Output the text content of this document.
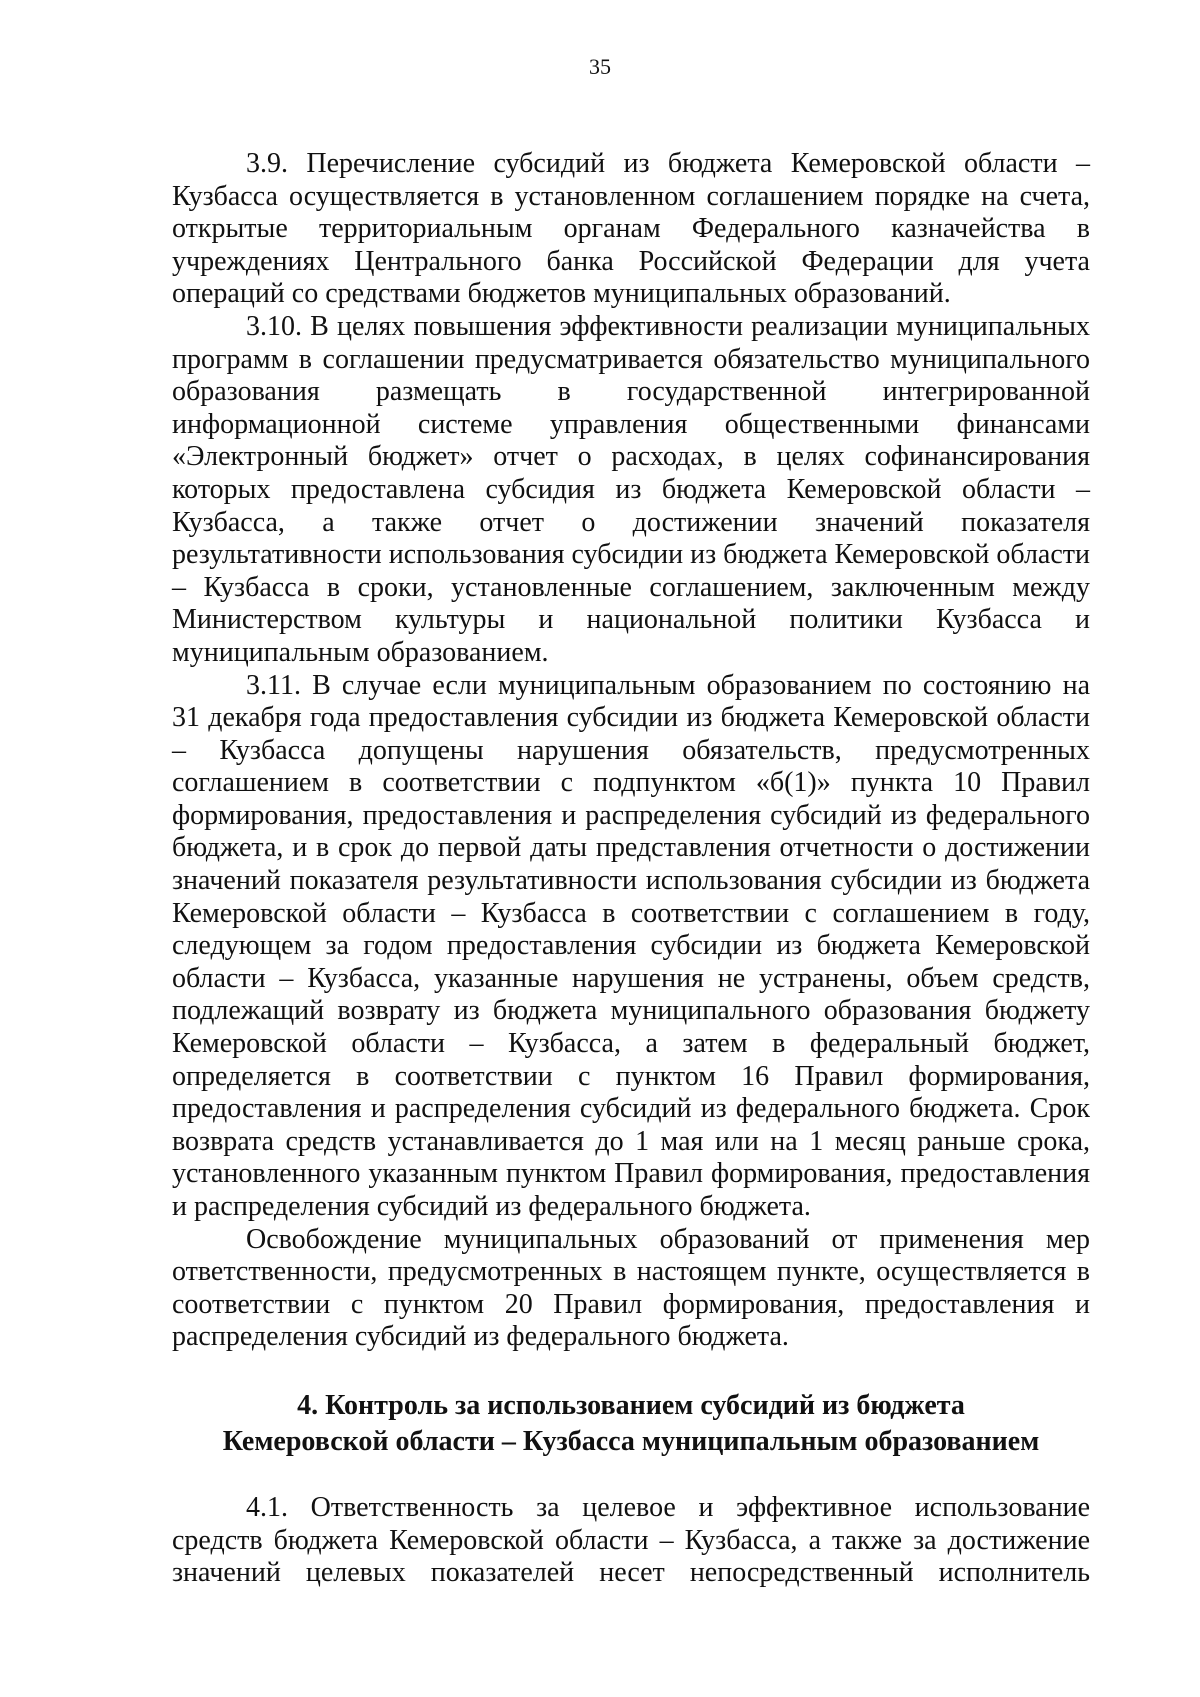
35

3.9. Перечисление субсидий из бюджета Кемеровской области – Кузбасса осуществляется в установленном соглашением порядке на счета, открытые территориальным органам Федерального казначейства в учреждениях Центрального банка Российской Федерации для учета операций со средствами бюджетов муниципальных образований.

3.10. В целях повышения эффективности реализации муниципальных программ в соглашении предусматривается обязательство муниципального образования размещать в государственной интегрированной информационной системе управления общественными финансами «Электронный бюджет» отчет о расходах, в целях софинансирования которых предоставлена субсидия из бюджета Кемеровской области – Кузбасса, а также отчет о достижении значений показателя результативности использования субсидии из бюджета Кемеровской области – Кузбасса в сроки, установленные соглашением, заключенным между Министерством культуры и национальной политики Кузбасса и муниципальным образованием.

3.11. В случае если муниципальным образованием по состоянию на 31 декабря года предоставления субсидии из бюджета Кемеровской области – Кузбасса допущены нарушения обязательств, предусмотренных соглашением в соответствии с подпунктом «б(1)» пункта 10 Правил формирования, предоставления и распределения субсидий из федерального бюджета, и в срок до первой даты представления отчетности о достижении значений показателя результативности использования субсидии из бюджета Кемеровской области – Кузбасса в соответствии с соглашением в году, следующем за годом предоставления субсидии из бюджета Кемеровской области – Кузбасса, указанные нарушения не устранены, объем средств, подлежащий возврату из бюджета муниципального образования бюджету Кемеровской области – Кузбасса, а затем в федеральный бюджет, определяется в соответствии с пунктом 16 Правил формирования, предоставления и распределения субсидий из федерального бюджета. Срок возврата средств устанавливается до 1 мая или на 1 месяц раньше срока, установленного указанным пунктом Правил формирования, предоставления и распределения субсидий из федерального бюджета.

Освобождение муниципальных образований от применения мер ответственности, предусмотренных в настоящем пункте, осуществляется в соответствии с пунктом 20 Правил формирования, предоставления и распределения субсидий из федерального бюджета.

4. Контроль за использованием субсидий из бюджета
Кемеровской области – Кузбасса муниципальным образованием

4.1. Ответственность за целевое и эффективное использование средств бюджета Кемеровской области – Кузбасса, а также за достижение значений целевых показателей несет непосредственный исполнитель
